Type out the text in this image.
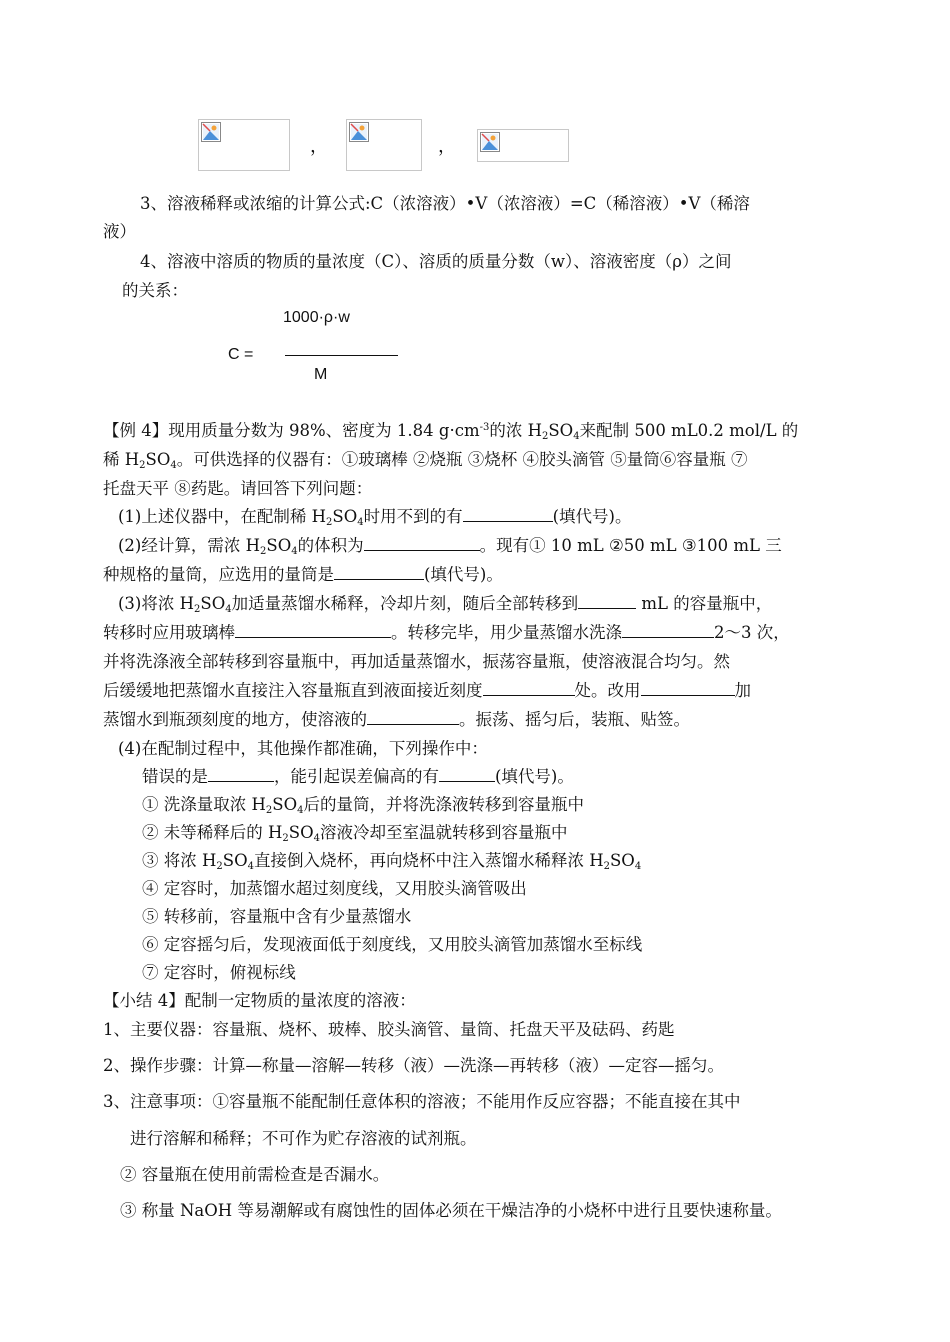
，	，
3、溶液稀释或浓缩的计算公式:C（浓溶液）•V（浓溶液）=C（稀溶液）•V（稀溶
液）
4、溶液中溶质的物质的量浓度（C）、溶质的质量分数（w）、溶液密度（ρ）之间
的关系：
1000·ρ·w
C =
M
【例 4】现用质量分数为 98%、密度为 1.84 $g\cdot cm^{-3}$的浓 $H_2SO_4$来配制 500 mL0.2 mol/L 的
稀 $H_2SO_4$。可供选择的仪器有：①玻璃棒 ②烧瓶 ③烧杯 ④胶头滴管 ⑤量筒⑥容量瓶 ⑦
托盘天平 ⑧药匙。请回答下列问题：
(1)上述仪器中，在配制稀 $H_2SO_4$时用不到的有	(填代号)。
(2)经计算，需浓 $H_2SO_4$的体积为	。现有① 10 mL ②50 mL ③100 mL 三
种规格的量筒，应选用的量筒是	(填代号)。
(3)将浓 $H_2SO_4$加适量蒸馏水稀释，冷却片刻，随后全部转移到	mL 的容量瓶中，
转移时应用玻璃棒	。转移完毕，用少量蒸馏水洗涤	2～3 次，
并将洗涤液全部转移到容量瓶中，再加适量蒸馏水，振荡容量瓶，使溶液混合均匀。然
后缓缓地把蒸馏水直接注入容量瓶直到液面接近刻度	处。改用	加
蒸馏水到瓶颈刻度的地方，使溶液的	。振荡、摇匀后，装瓶、贴签。
(4)在配制过程中，其他操作都准确，下列操作中：
错误的是	，能引起误差偏高的有	(填代号)。
① 洗涤量取浓 $H_2SO_4$后的量筒，并将洗涤液转移到容量瓶中
② 未等稀释后的 $H_2SO_4$溶液冷却至室温就转移到容量瓶中
③ 将浓 $H_2SO_4$直接倒入烧杯，再向烧杯中注入蒸馏水稀释浓 $H_2SO_4$
④ 定容时，加蒸馏水超过刻度线，又用胶头滴管吸出
⑤ 转移前，容量瓶中含有少量蒸馏水
⑥ 定容摇匀后，发现液面低于刻度线，又用胶头滴管加蒸馏水至标线
⑦ 定容时，俯视标线
【小结 4】配制一定物质的量浓度的溶液：
1、主要仪器：容量瓶、烧杯、玻棒、胶头滴管、量筒、托盘天平及砝码、药匙
2、操作步骤：计算—称量—溶解—转移（液）—洗涤—再转移（液）—定容—摇匀。
3、注意事项：①容量瓶不能配制任意体积的溶液；不能用作反应容器；不能直接在其中
进行溶解和稀释；不可作为贮存溶液的试剂瓶。
② 容量瓶在使用前需检查是否漏水。
③ 称量 NaOH 等易潮解或有腐蚀性的固体必须在干燥洁净的小烧杯中进行且要快速称量。
